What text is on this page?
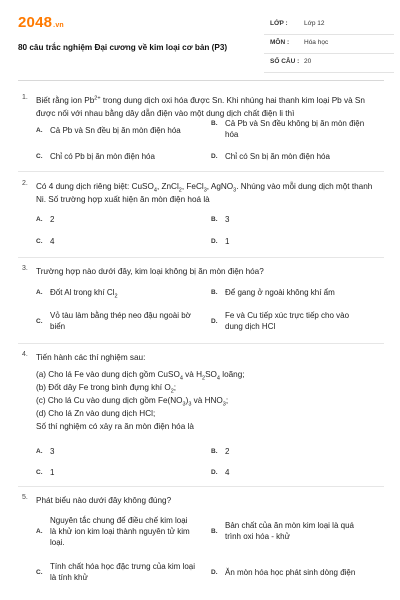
2048.vn
80 câu trắc nghiệm Đại cương về kim loại cơ bản (P3)
LỚP :	Lớp 12
MÔN : Hóa học
SỐ CÂU : 20
1. Biết rằng ion $Pb^{2+}$ trong dung dịch oxi hóa được Sn. Khi nhúng hai thanh kim loại Pb và Sn được nối với nhau bằng dây dẫn điện vào một dung dịch chất điện li thì
A. Cả Pb và Sn đều bị ăn mòn điện hóa
B. Cả Pb và Sn đều không bị ăn mòn điện hóa
C. Chỉ có Pb bị ăn mòn điện hóa	D. Chỉ có Sn bị ăn mòn điện hóa
2. Có 4 dung dịch riêng biệt: CuSO$_4$, ZnCl$_2$, FeCl$_3$, AgNO$_3$. Nhúng vào mỗi dung dịch một thanh Ni. Số trường hợp xuất hiện ăn mòn điện hoá là
A. 2	B. 3
C. 4	D. 1
3. Trường hợp nào dưới đây, kim loại không bị ăn mòn điện hóa?
A. Đốt Al trong khí $Cl_2$
B. Để gang ở ngoài không khí ẩm
C.
Vỏ tàu làm bằng thép neo đậu ngoài bờ biển
D.
Fe và Cu tiếp xúc trực tiếp cho vào dung dịch HCl
4. Tiến hành các thí nghiệm sau:
(a) Cho lá Fe vào dung dịch gồm CuSO$_4$ và $H_2SO_4$ loãng;
(b) Đốt dây Fe trong bình đựng khí $O_2$;
(c) Cho lá Cu vào dung dịch gồm $Fe(NO_3)_3$ và $HNO_3$;
(d) Cho lá Zn vào dung dịch HCl;
Số thí nghiệm có xảy ra ăn mòn điện hóa là
A. 3	B. 2
C. 1	D. 4
5. Phát biểu nào dưới đây không đúng?
A.
Nguyên tắc chung để điều chế kim loại là khử ion kim loại thành nguyên tử kim loại.
B.
Bản chất của ăn mòn kim loại là quá trình oxi hóa - khử
C.
Tính chất hóa học đặc trưng của kim loại là tính khử
D. Ăn mòn hóa học phát sinh dòng điện
